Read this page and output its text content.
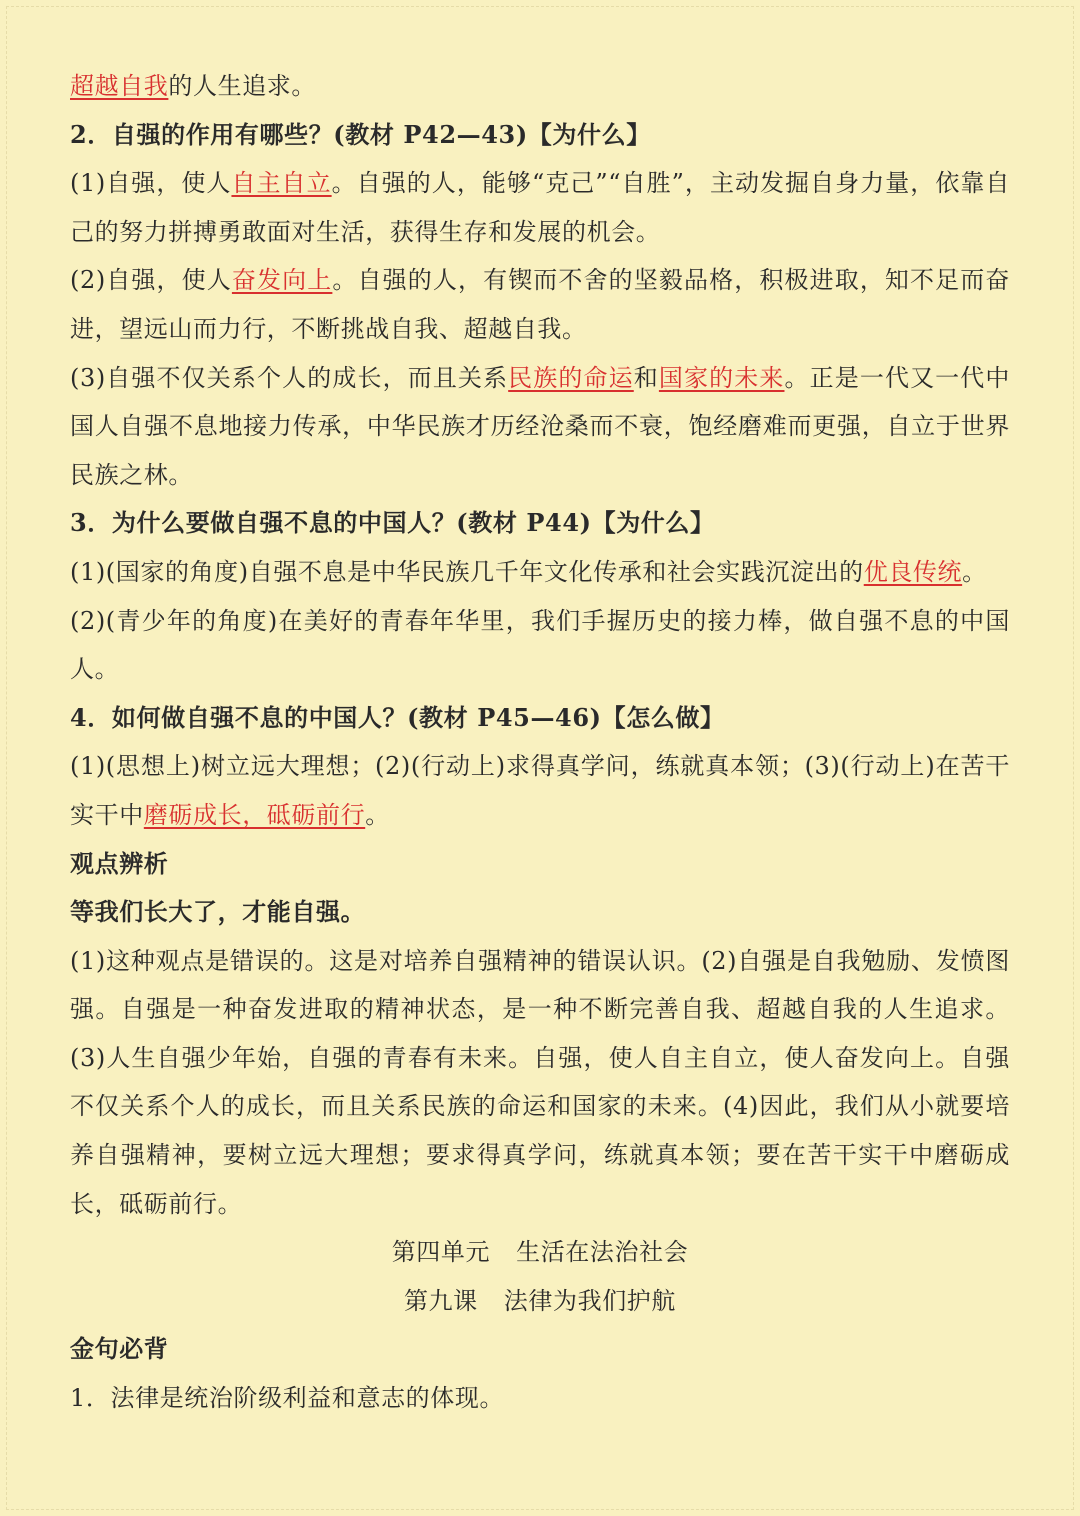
超越自我的人生追求。

2．自强的作用有哪些？(教材 P42—43)【为什么】

(1)自强，使人自主自立。自强的人，能够“克己”“自胜”，主动发掘自身力量，依靠自己的努力拼搏勇敢面对生活，获得生存和发展的机会。

(2)自强，使人奋发向上。自强的人，有锲而不舍的坚毅品格，积极进取，知不足而奋进，望远山而力行，不断挑战自我、超越自我。

(3)自强不仅关系个人的成长，而且关系民族的命运和国家的未来。正是一代又一代中国人自强不息地接力传承，中华民族才历经沧桑而不衰，饱经磨难而更强，自立于世界民族之林。

3．为什么要做自强不息的中国人？(教材 P44)【为什么】

(1)(国家的角度)自强不息是中华民族几千年文化传承和社会实践沉淀出的优良传统。

(2)(青少年的角度)在美好的青春年华里，我们手握历史的接力棒，做自强不息的中国人。

4．如何做自强不息的中国人？(教材 P45—46)【怎么做】

(1)(思想上)树立远大理想；(2)(行动上)求得真学问，练就真本领；(3)(行动上)在苦干实干中磨砺成长，砥砺前行。

观点辨析

等我们长大了，才能自强。

(1)这种观点是错误的。这是对培养自强精神的错误认识。(2)自强是自我勉励、发愤图强。自强是一种奋发进取的精神状态，是一种不断完善自我、超越自我的人生追求。(3)人生自强少年始，自强的青春有未来。自强，使人自主自立，使人奋发向上。自强不仅关系个人的成长，而且关系民族的命运和国家的未来。(4)因此，我们从小就要培养自强精神，要树立远大理想；要求得真学问，练就真本领；要在苦干实干中磨砺成长，砥砺前行。

第四单元 生活在法治社会

第九课 法律为我们护航

金句必背

1．法律是统治阶级利益和意志的体现。
